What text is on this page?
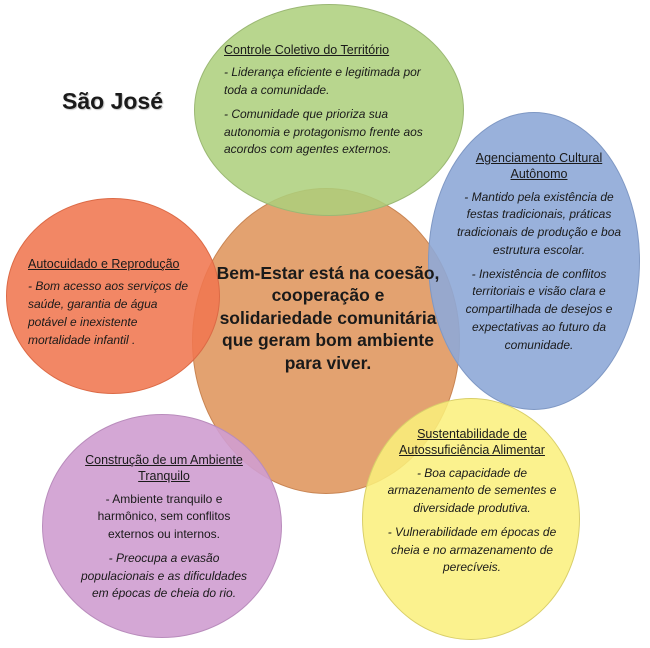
São José
Bem-Estar está na coesão, cooperação e solidariedade comunitária que geram bom ambiente para viver.
Controle Coletivo do Território
- Liderança eficiente e legitimada por toda a comunidade.
- Comunidade que prioriza sua autonomia e protagonismo frente aos acordos com agentes externos.
Agenciamento Cultural Autônomo
- Mantido pela existência de festas tradicionais, práticas tradicionais de produção e boa estrutura escolar.
- Inexistência de conflitos territoriais e visão clara e compartilhada de desejos e expectativas ao futuro da comunidade.
Autocuidado e Reprodução
- Bom acesso aos serviços de saúde, garantia de água potável e inexistente mortalidade infantil .
Construção de um Ambiente Tranquilo
- Ambiente tranquilo e harmônico, sem conflitos externos ou internos.
- Preocupa a evasão populacionais e as dificuldades em épocas de cheia do rio.
Sustentabilidade de Autossuficiência Alimentar
- Boa capacidade de armazenamento de sementes e diversidade produtiva.
- Vulnerabilidade em épocas de cheia e no armazenamento de perecíveis.
